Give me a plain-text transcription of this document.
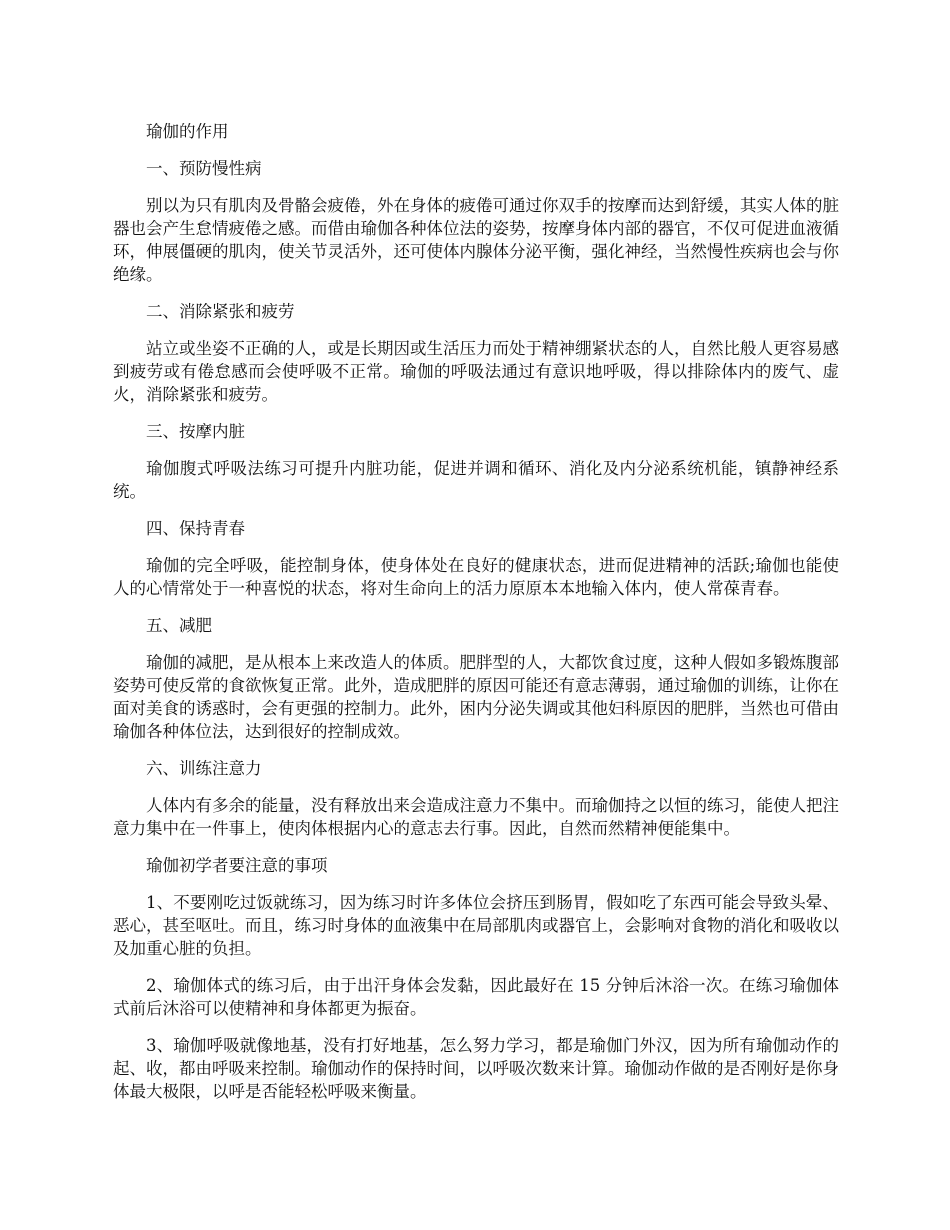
瑜伽的作用
一、预防慢性病
别以为只有肌肉及骨骼会疲倦，外在身体的疲倦可通过你双手的按摩而达到舒缓，其实人体的脏器也会产生怠情疲倦之感。而借由瑜伽各种体位法的姿势，按摩身体内部的器官，不仅可促进血液循环，伸展僵硬的肌肉，使关节灵活外，还可使体内腺体分泌平衡，强化神经，当然慢性疾病也会与你绝缘。
二、消除紧张和疲劳
站立或坐姿不正确的人，或是长期因或生活压力而处于精神绷紧状态的人，自然比般人更容易感到疲劳或有倦怠感而会使呼吸不正常。瑜伽的呼吸法通过有意识地呼吸，得以排除体内的废气、虚火，消除紧张和疲劳。
三、按摩内脏
瑜伽腹式呼吸法练习可提升内脏功能，促进并调和循环、消化及内分泌系统机能，镇静神经系统。
四、保持青春
瑜伽的完全呼吸，能控制身体，使身体处在良好的健康状态，进而促进精神的活跃;瑜伽也能使人的心情常处于一种喜悦的状态，将对生命向上的活力原原本本地输入体内，使人常葆青春。
五、减肥
瑜伽的减肥，是从根本上来改造人的体质。肥胖型的人，大都饮食过度，这种人假如多锻炼腹部姿势可使反常的食欲恢复正常。此外，造成肥胖的原因可能还有意志薄弱，通过瑜伽的训练，让你在面对美食的诱惑时，会有更强的控制力。此外，困内分泌失调或其他妇科原因的肥胖，当然也可借由瑜伽各种体位法，达到很好的控制成效。
六、训练注意力
人体内有多余的能量，没有释放出来会造成注意力不集中。而瑜伽持之以恒的练习，能使人把注意力集中在一件事上，使肉体根据内心的意志去行事。因此，自然而然精神便能集中。
瑜伽初学者要注意的事项
1、不要刚吃过饭就练习，因为练习时许多体位会挤压到肠胃，假如吃了东西可能会导致头晕、恶心，甚至呕吐。而且，练习时身体的血液集中在局部肌肉或器官上，会影响对食物的消化和吸收以及加重心脏的负担。
2、瑜伽体式的练习后，由于出汗身体会发黏，因此最好在 15 分钟后沐浴一次。在练习瑜伽体式前后沐浴可以使精神和身体都更为振奋。
3、瑜伽呼吸就像地基，没有打好地基，怎么努力学习，都是瑜伽门外汉，因为所有瑜伽动作的起、收，都由呼吸来控制。瑜伽动作的保持时间，以呼吸次数来计算。瑜伽动作做的是否刚好是你身体最大极限，以呼是否能轻松呼吸来衡量。
